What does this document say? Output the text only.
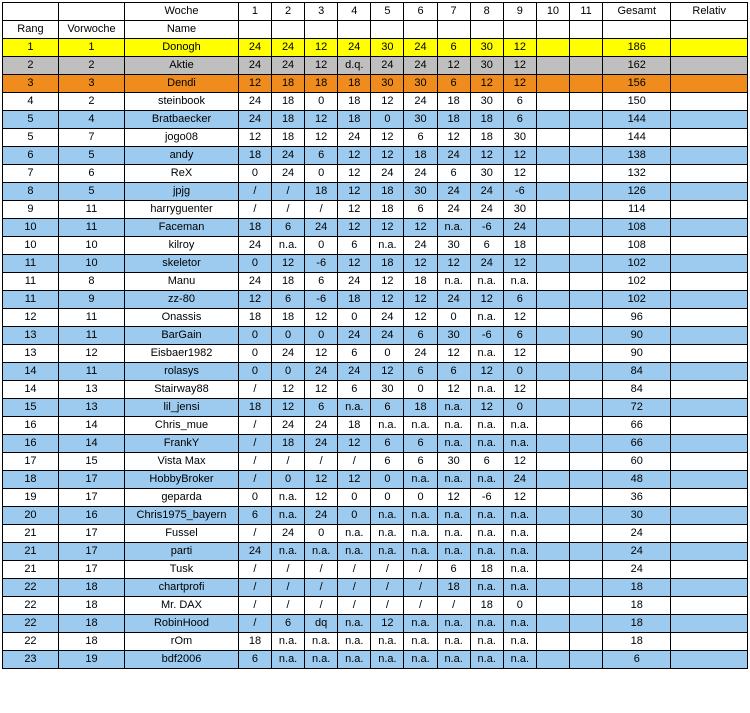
		Woche	1	2	3	4	5	6	7	8	9	10	11	Gesamt	Relativ
Rang	Vorwoche	Name													
1	1	Donogh	24	24	12	24	30	24	6	30	12			186	
2	2	Aktie	24	24	12	d.q.	24	24	12	30	12			162	
3	3	Dendi	12	18	18	18	30	30	6	12	12			156	
4	2	steinbook	24	18	0	18	12	24	18	30	6			150	
5	4	Bratbaecker	24	18	12	18	0	30	18	18	6			144	
5	7	jogo08	12	18	12	24	12	6	12	18	30			144	
6	5	andy	18	24	6	12	12	18	24	12	12			138	
7	6	ReX	0	24	0	12	24	24	6	30	12			132	
8	5	jpjg	/	/	18	12	18	30	24	24	-6			126	
9	11	harryguenter	/	/	/	12	18	6	24	24	30			114	
10	11	Faceman	18	6	24	12	12	12	n.a.	-6	24			108	
10	10	kilroy	24	n.a.	0	6	n.a.	24	30	6	18			108	
11	10	skeletor	0	12	-6	12	18	12	12	24	12			102	
11	8	Manu	24	18	6	24	12	18	n.a.	n.a.	n.a.			102	
11	9	zz-80	12	6	-6	18	12	12	24	12	6			102	
12	11	Onassis	18	18	12	0	24	12	0	n.a.	12			96	
13	11	BarGain	0	0	0	24	24	6	30	-6	6			90	
13	12	Eisbaer1982	0	24	12	6	0	24	12	n.a.	12			90	
14	11	rolasys	0	0	24	24	12	6	6	12	0			84	
14	13	Stairway88	/	12	12	6	30	0	12	n.a.	12			84	
15	13	lil_jensi	18	12	6	n.a.	6	18	n.a.	12	0			72	
16	14	Chris_mue	/	24	24	18	n.a.	n.a.	n.a.	n.a.	n.a.			66	
16	14	FrankY	/	18	24	12	6	6	n.a.	n.a.	n.a.			66	
17	15	Vista Max	/	/	/	/	6	6	30	6	12			60	
18	17	HobbyBroker	/	0	12	12	0	n.a.	n.a.	n.a.	24			48	
19	17	geparda	0	n.a.	12	0	0	0	12	-6	12			36	
20	16	Chris1975_bayern	6	n.a.	24	0	n.a.	n.a.	n.a.	n.a.	n.a.			30	
21	17	Fussel	/	24	0	n.a.	n.a.	n.a.	n.a.	n.a.	n.a.			24	
21	17	parti	24	n.a.	n.a.	n.a.	n.a.	n.a.	n.a.	n.a.	n.a.			24	
21	17	Tusk	/	/	/	/	/	/	6	18	n.a.			24	
22	18	chartprofi	/	/	/	/	/	/	18	n.a.	n.a.			18	
22	18	Mr. DAX	/	/	/	/	/	/	/	18	0			18	
22	18	RobinHood	/	6	dq	n.a.	12	n.a.	n.a.	n.a.	n.a.			18	
22	18	rOm	18	n.a.	n.a.	n.a.	n.a.	n.a.	n.a.	n.a.	n.a.			18	
23	19	bdf2006	6	n.a.	n.a.	n.a.	n.a.	n.a.	n.a.	n.a.	n.a.			6	
